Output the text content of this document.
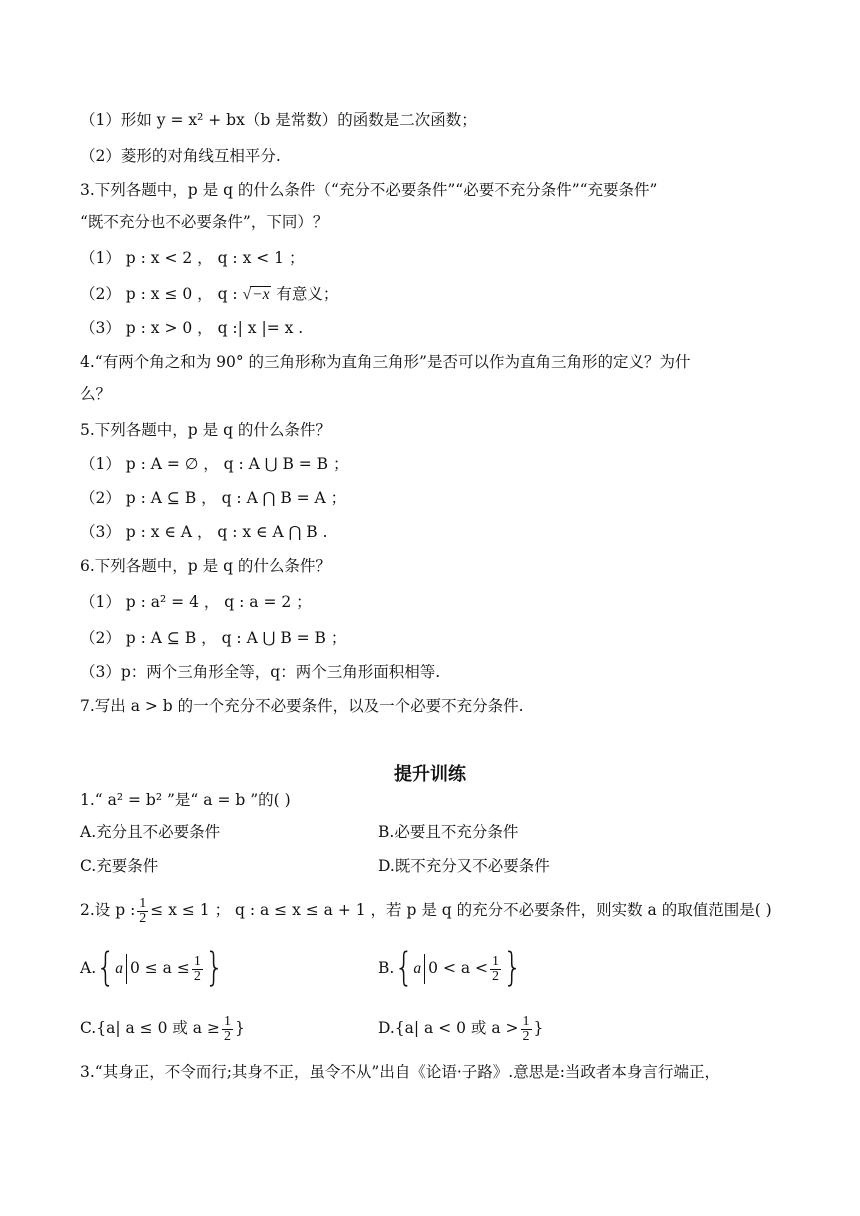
（1）形如 y = x² + bx（b 是常数）的函数是二次函数；
（2）菱形的对角线互相平分.
3.下列各题中，p 是 q 的什么条件（“充分不必要条件”“必要不充分条件”“充要条件”
“既不充分也不必要条件”，下同）？
（1） p : x < 2 ， q : x < 1 ；
（2） p : x ≤ 0 ， q : √−x 有意义；
（3） p : x > 0 ， q :| x |= x .
4.“有两个角之和为 90° 的三角形称为直角三角形”是否可以作为直角三角形的定义？为什
么？
5.下列各题中，p 是 q 的什么条件？
（1） p : A = ∅ ， q : A ⋃ B = B ；
（2） p : A ⊆ B ， q : A ⋂ B = A ；
（3） p : x ∈ A ， q : x ∈ A ⋂ B .
6.下列各题中，p 是 q 的什么条件？
（1） p : a² = 4 ， q : a = 2 ；
（2） p : A ⊆ B ， q : A ⋃ B = B ；
（3）p：两个三角形全等，q：两个三角形面积相等.
7.写出 a > b 的一个充分不必要条件，以及一个必要不充分条件.
提升训练
1.“ a² = b² ”是“ a = b ”的( )
A.充分且不必要条件	B.必要且不充分条件
C.充要条件	D.既不充分又不必要条件
2.设 p : $\frac{1}{2} \le x \le 1$ ； q : a ≤ x ≤ a + 1 ，若 p 是 q 的充分不必要条件，则实数 a 的取值范围是( )
A.{a $0 \le a \le \frac{1}{2}$ }	B.{a $0 < a < \frac{1}{2}$ }
C.{a| a ≤ 0 或 $a \ge \frac{1}{2}$ }	D.{a| a < 0 或 $a > \frac{1}{2}$ }
3.“其身正，不令而行;其身不正，虽令不从”出自《论语·子路》.意思是:当政者本身言行端正，
